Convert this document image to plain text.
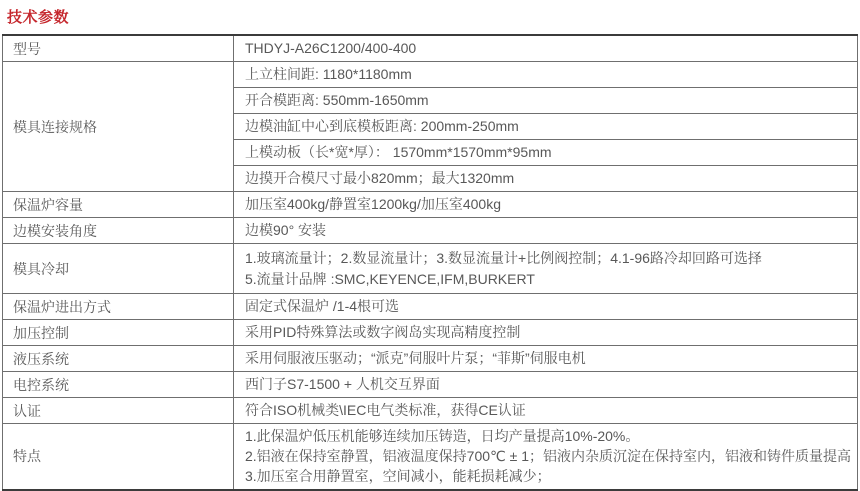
技术参数
型号	THDYJ-A26C1200/400-400

模具连接规格	上立柱间距: 1180*1180mm

	开合模距离: 550mm-1650mm

	边模油缸中心到底模板距离: 200mm-250mm

	上模动板（长*宽*厚）： 1570mm*1570mm*95mm

	边摸开合模尺寸最小820mm；最大1320mm

保温炉容量	加压室400kg/静置室1200kg/加压室400kg

边模安装角度	边模90° 安装

模具冷却	1.玻璃流量计；2.数显流量计；3.数显流量计+比例阀控制；4.1-96路冷却回路可选择
5.流量计品牌 :SMC,KEYENCE,IFM,BURKERT

保温炉进出方式	固定式保温炉 /1-4根可选

加压控制	采用PID特殊算法或数字阀岛实现高精度控制

液压系统	采用伺服液压驱动；“派克”伺服叶片泵；“菲斯”伺服电机

电控系统	西门子S7-1500 + 人机交互界面

认证	符合ISO机械类\IEC电气类标准，获得CE认证

特点	1.此保温炉低压机能够连续加压铸造，日均产量提高10%-20%。
2.铝液在保持室静置，铝液温度保持700℃ ± 1；铝液内杂质沉淀在保持室内，铝液和铸件质量提高
3.加压室合用静置室，空间减小，能耗损耗减少；
